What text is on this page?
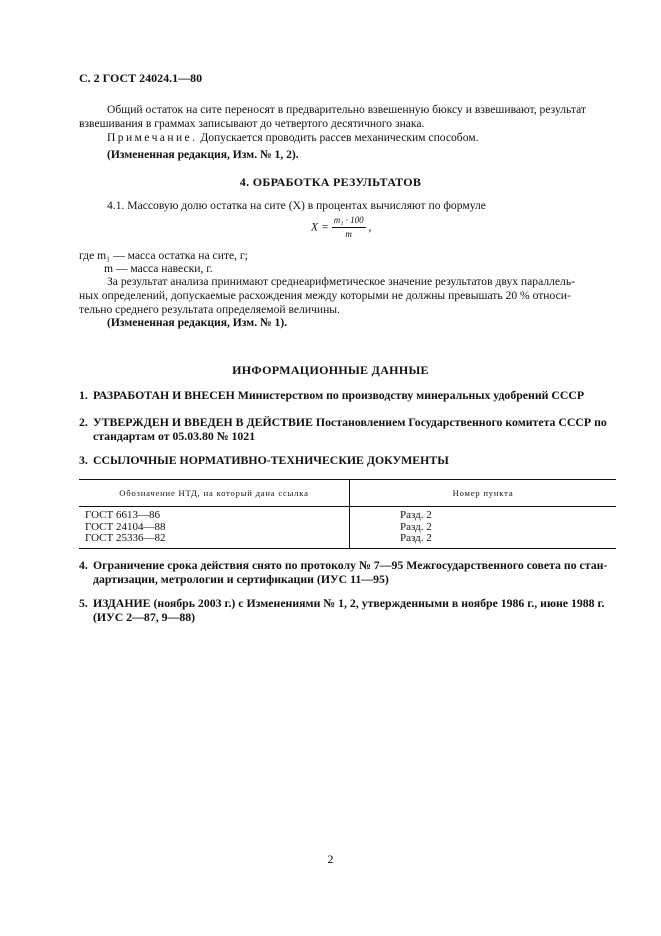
С. 2 ГОСТ 24024.1—80
Общий остаток на сите переносят в предварительно взвешенную бюксу и взвешивают, результат
взвешивания в граммах записывают до четвертого десятичного знака.
Примечание. Допускается проводить рассев механическим способом.
(Измененная редакция, Изм. № 1, 2).
4. ОБРАБОТКА РЕЗУЛЬТАТОВ
4.1. Массовую долю остатка на сите (X) в процентах вычисляют по формуле
$X = \frac{\text{m₁ · 100}}{m}$ ,
где m₁ — масса остатка на сите, г;
m — масса навески, г.
За результат анализа принимают среднеарифметическое значение результатов двух параллель-
ных определений, допускаемые расхождения между которыми не должны превышать 20 % относи-
тельно среднего результата определяемой величины.
(Измененная редакция, Изм. № 1).
ИНФОРМАЦИОННЫЕ ДАННЫЕ
1. РАЗРАБОТАН И ВНЕСЕН Министерством по производству минеральных удобрений СССР
2. УТВЕРЖДЕН И ВВЕДЕН В ДЕЙСТВИЕ Постановлением Государственного комитета СССР по
стандартам от 05.03.80 № 1021
3. ССЫЛОЧНЫЕ НОРМАТИВНО-ТЕХНИЧЕСКИЕ ДОКУМЕНТЫ
Обозначение НТД, на который дана ссылка	Номер пункта
ГОСТ 6613—86	Разд. 2
ГОСТ 24104—88	Разд. 2
ГОСТ 25336—82	Разд. 2
4. Ограничение срока действия снято по протоколу № 7—95 Межгосударственного совета по стан-
дартизации, метрологии и сертификации (ИУС 11—95)
5. ИЗДАНИЕ (ноябрь 2003 г.) с Изменениями № 1, 2, утвержденными в ноябре 1986 г., июне 1988 г.
(ИУС 2—87, 9—88)
2
